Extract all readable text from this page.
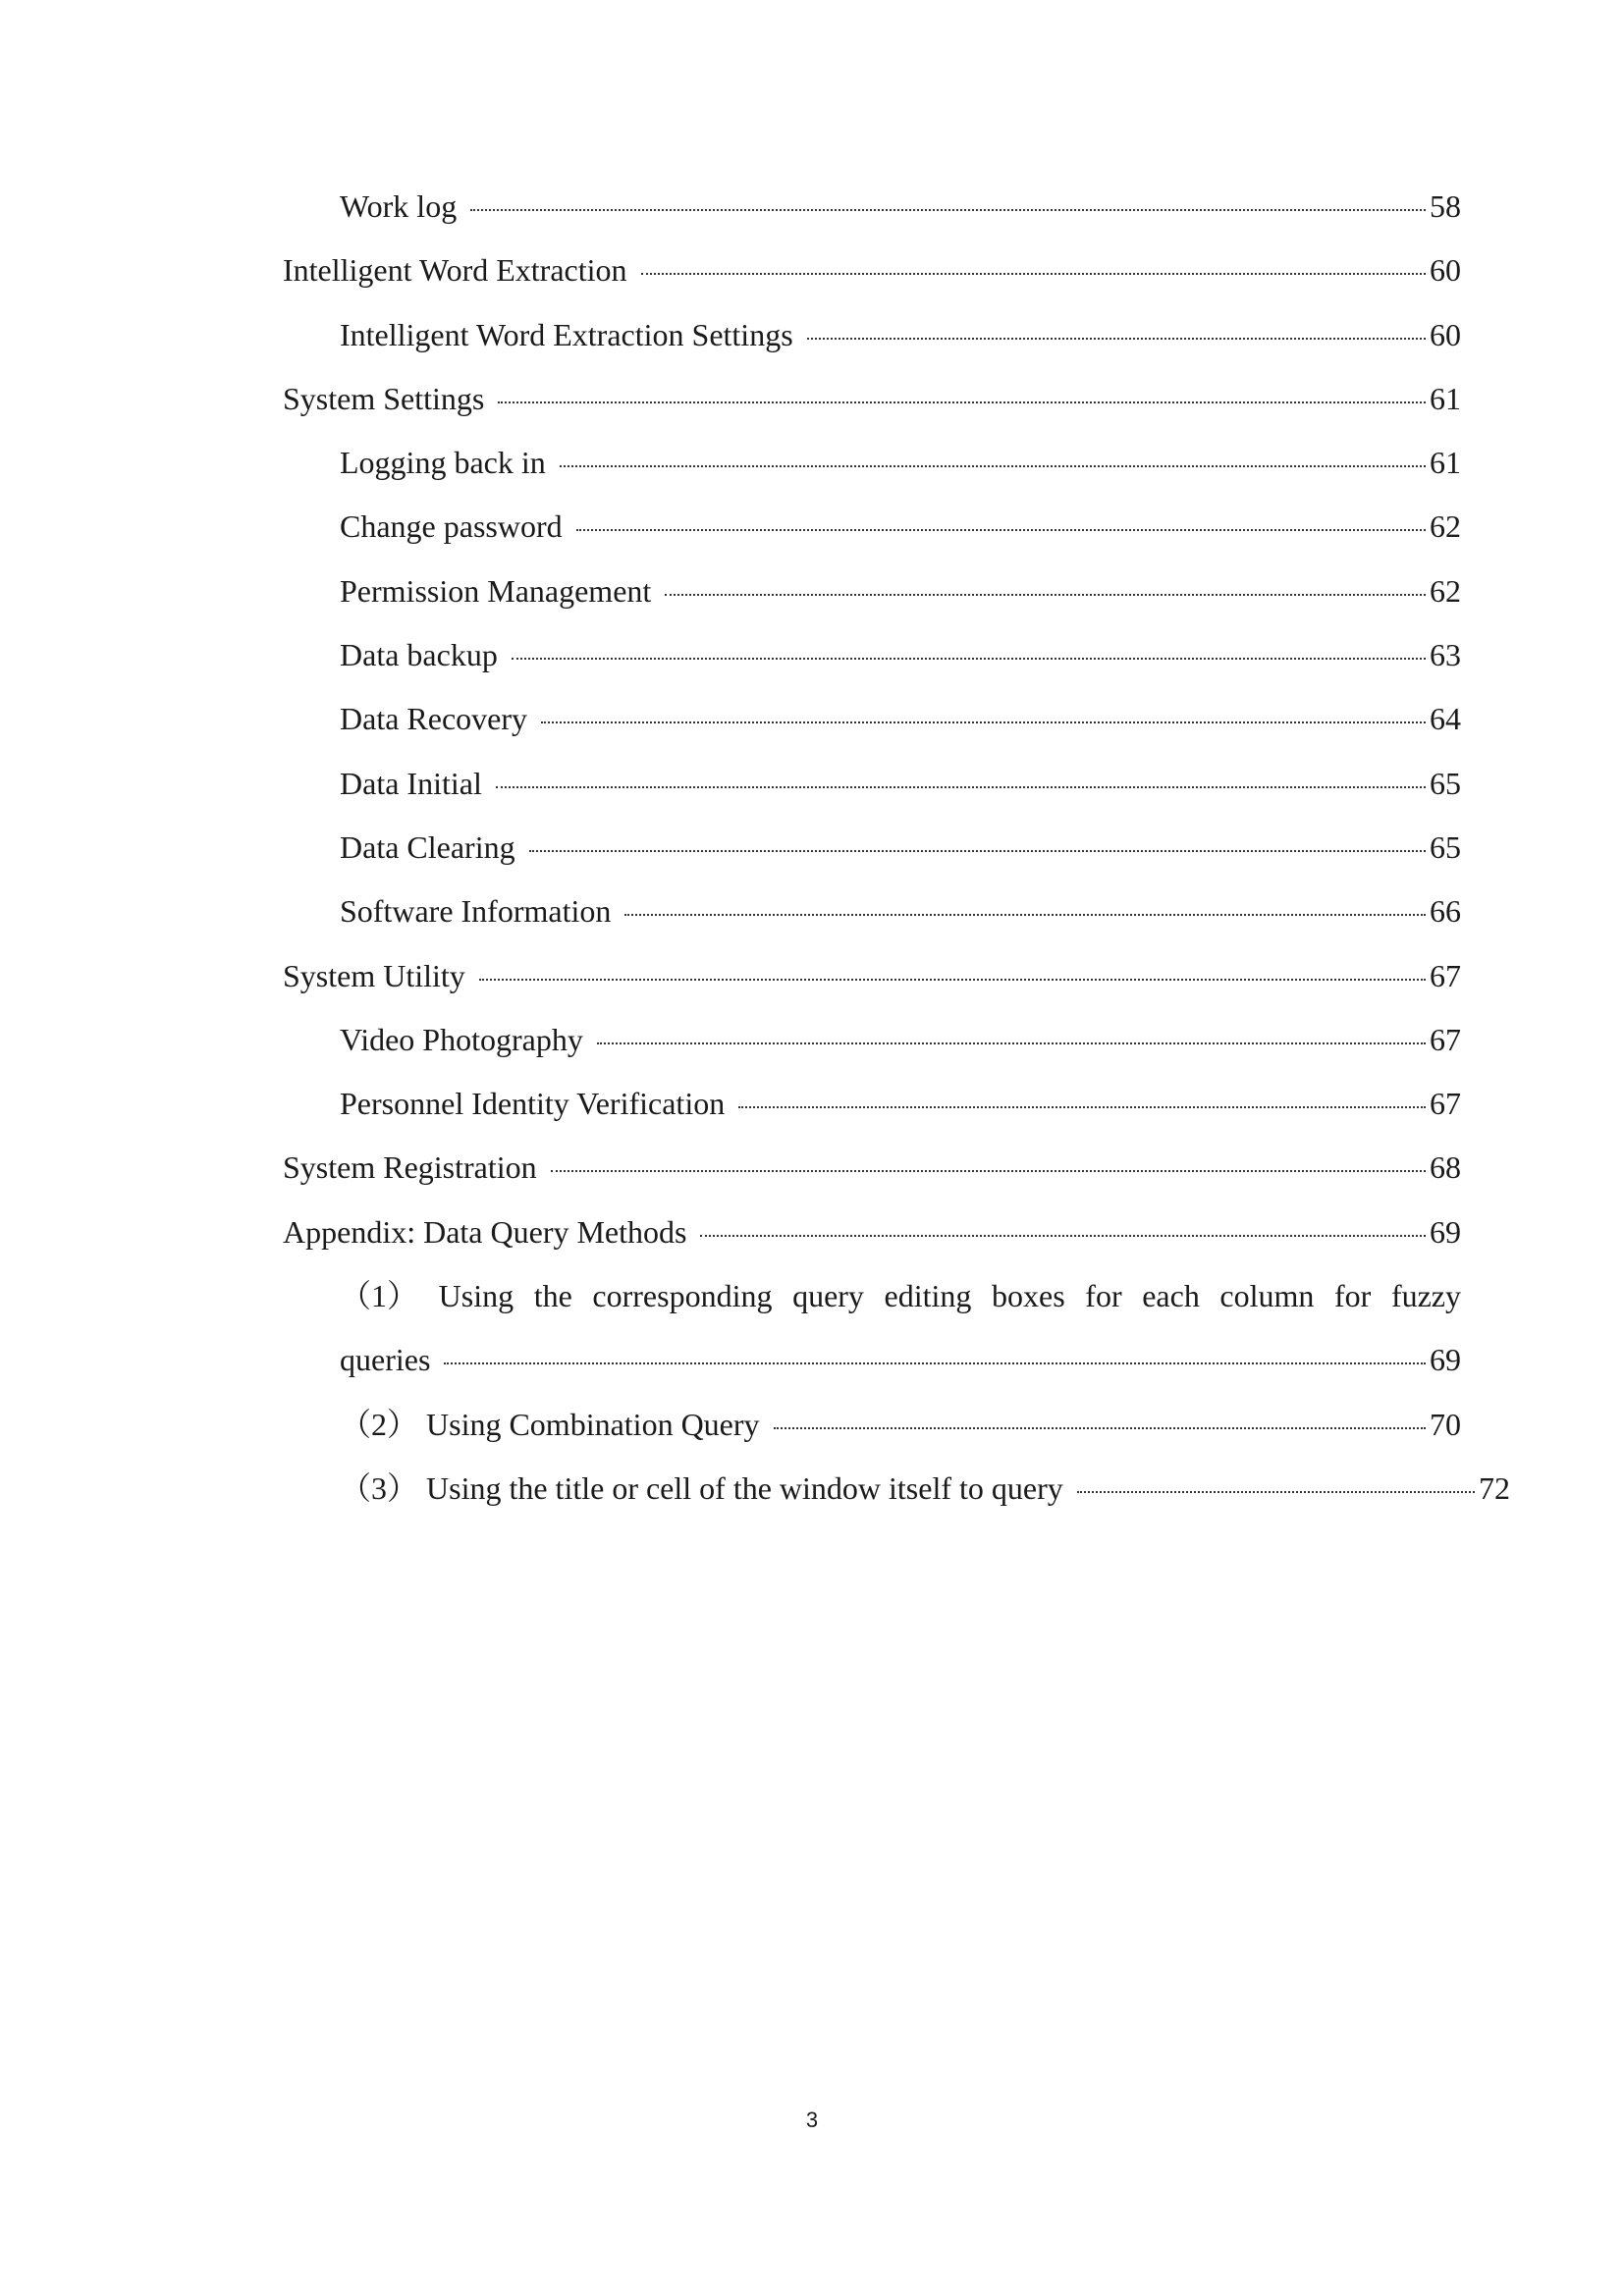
Work log	58
Intelligent Word Extraction	60
Intelligent Word Extraction Settings	60
System Settings	61
Logging back in	61
Change password	62
Permission Management	62
Data backup	63
Data Recovery	64
Data Initial	65
Data Clearing	65
Software Information	66
System Utility	67
Video Photography	67
Personnel Identity Verification	67
System Registration	68
Appendix: Data Query Methods	69
（1） Using the corresponding query editing boxes for each column for fuzzy
queries	69
（2） Using Combination Query	70
（3） Using the title or cell of the window itself to query	72
3
